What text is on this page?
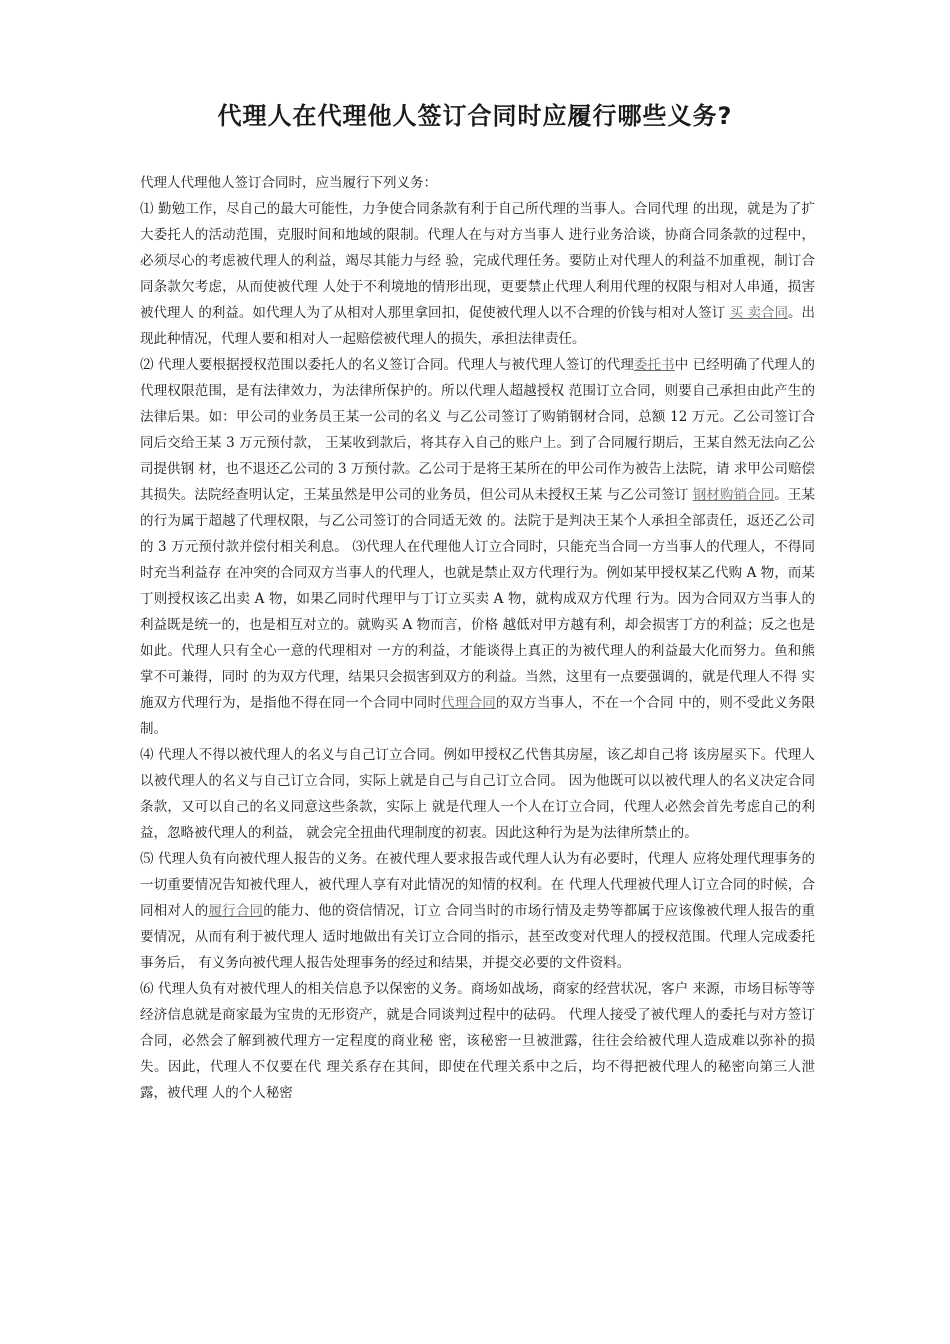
代理人在代理他人签订合同时应履行哪些义务?

代理人代理他人签订合同时，应当履行下列义务：

⑴ 勤勉工作，尽自己的最大可能性，力争使合同条款有利于自己所代理的当事人。合同代理 的出现，就是为了扩大委托人的活动范围，克服时间和地域的限制。代理人在与对方当事人 进行业务洽谈，协商合同条款的过程中，必须尽心的考虑被代理人的利益，竭尽其能力与经 验，完成代理任务。要防止对代理人的利益不加重视，制订合同条款欠考虑，从而使被代理 人处于不利境地的情形出现，更要禁止代理人利用代理的权限与相对人串通，损害被代理人 的利益。如代理人为了从相对人那里拿回扣，促使被代理人以不合理的价钱与相对人签订 买 卖合同。出现此种情况，代理人要和相对人一起赔偿被代理人的损失，承担法律责任。

⑵ 代理人要根据授权范围以委托人的名义签订合同。代理人与被代理人签订的代理委托书中 已经明确了代理人的代理权限范围，是有法律效力，为法律所保护的。所以代理人超越授权 范围订立合同，则要自己承担由此产生的法律后果。如：甲公司的业务员王某一公司的名义 与乙公司签订了购销钢材合同，总额 12 万元。乙公司签订合同后交给王某 3 万元预付款， 王某收到款后，将其存入自己的账户上。到了合同履行期后，王某自然无法向乙公司提供钢 材，也不退还乙公司的 3 万预付款。乙公司于是将王某所在的甲公司作为被告上法院，请 求甲公司赔偿其损失。法院经查明认定，王某虽然是甲公司的业务员，但公司从未授权王某 与乙公司签订 钢材购销合同。王某的行为属于超越了代理权限，与乙公司签订的合同适无效 的。法院于是判决王某个人承担全部责任，返还乙公司的 3 万元预付款并偿付相关利息。 ⑶代理人在代理他人订立合同时，只能充当合同一方当事人的代理人，不得同时充当利益存 在冲突的合同双方当事人的代理人，也就是禁止双方代理行为。例如某甲授权某乙代购 A 物，而某丁则授权该乙出卖 A 物，如果乙同时代理甲与丁订立买卖 A 物，就构成双方代理 行为。因为合同双方当事人的利益既是统一的，也是相互对立的。就购买 A 物而言，价格 越低对甲方越有利，却会损害丁方的利益；反之也是如此。代理人只有全心一意的代理相对 一方的利益，才能谈得上真正的为被代理人的利益最大化而努力。鱼和熊掌不可兼得，同时 的为双方代理，结果只会损害到双方的利益。当然，这里有一点要强调的，就是代理人不得 实施双方代理行为，是指他不得在同一个合同中同时代理合同的双方当事人，不在一个合同 中的，则不受此义务限制。

⑷ 代理人不得以被代理人的名义与自己订立合同。例如甲授权乙代售其房屋，该乙却自己将 该房屋买下。代理人以被代理人的名义与自己订立合同，实际上就是自己与自己订立合同。 因为他既可以以被代理人的名义决定合同条款，又可以自己的名义同意这些条款，实际上 就是代理人一个人在订立合同，代理人必然会首先考虑自己的利益，忽略被代理人的利益， 就会完全扭曲代理制度的初衷。因此这种行为是为法律所禁止的。

⑸ 代理人负有向被代理人报告的义务。在被代理人要求报告或代理人认为有必要时，代理人 应将处理代理事务的一切重要情况告知被代理人，被代理人享有对此情况的知情的权利。在 代理人代理被代理人订立合同的时候，合同相对人的履行合同的能力、他的资信情况，订立 合同当时的市场行情及走势等都属于应该像被代理人报告的重要情况，从而有利于被代理人 适时地做出有关订立合同的指示，甚至改变对代理人的授权范围。代理人完成委托事务后， 有义务向被代理人报告处理事务的经过和结果，并提交必要的文件资料。

⑹ 代理人负有对被代理人的相关信息予以保密的义务。商场如战场，商家的经营状况，客户 来源，市场目标等等经济信息就是商家最为宝贵的无形资产，就是合同谈判过程中的砝码。 代理人接受了被代理人的委托与对方签订合同，必然会了解到被代理方一定程度的商业秘 密，该秘密一旦被泄露，往往会给被代理人造成难以弥补的损失。因此，代理人不仅要在代 理关系存在其间，即使在代理关系中之后，均不得把被代理人的秘密向第三人泄露，被代理 人的个人秘密
